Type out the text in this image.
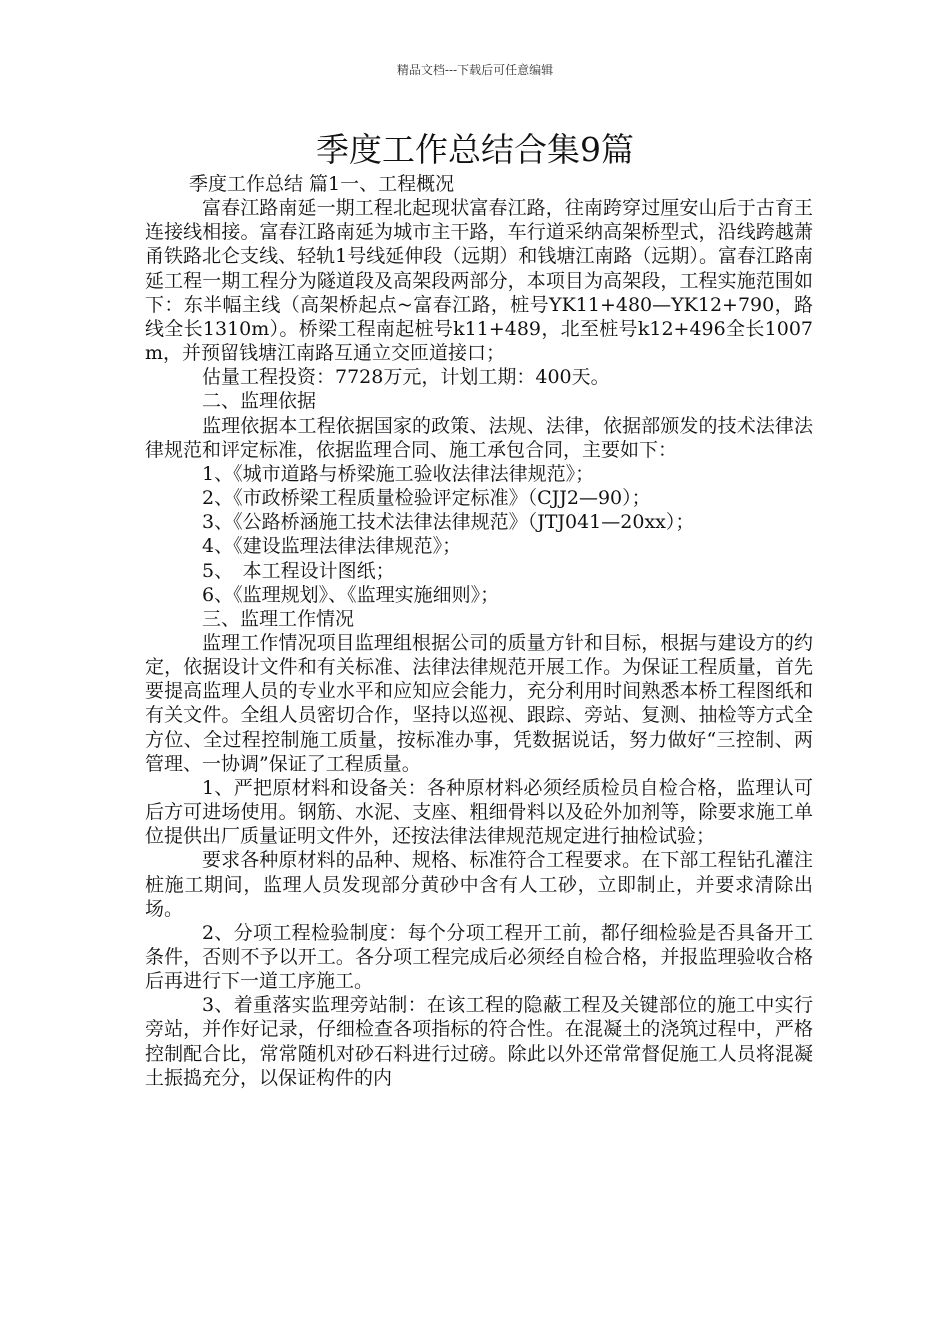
精品文档---下载后可任意编辑
季度工作总结合集9篇

季度工作总结 篇1一、工程概况

富春江路南延一期工程北起现状富春江路，往南跨穿过厘安山后于古育王连接线相接。富春江路南延为城市主干路，车行道采纳高架桥型式，沿线跨越萧甬铁路北仑支线、轻轨1号线延伸段（远期）和钱塘江南路（远期）。富春江路南延工程一期工程分为隧道段及高架段两部分，本项目为高架段，工程实施范围如下：东半幅主线（高架桥起点~富春江路，桩号YK11+480—YK12+790，路线全长1310m）。桥梁工程南起桩号k11+489，北至桩号k12+496全长1007m，并预留钱塘江南路互通立交匝道接口；

估量工程投资：7728万元，计划工期：400天。

二、监理依据

监理依据本工程依据国家的政策、法规、法律，依据部颁发的技术法律法律规范和评定标准，依据监理合同、施工承包合同，主要如下：

1、《城市道路与桥梁施工验收法律法律规范》；

2、《市政桥梁工程质量检验评定标准》（CJJ2—90）；

3、《公路桥涵施工技术法律法律规范》（JTJ041—20xx）；

4、《建设监理法律法律规范》；

5、　本工程设计图纸；

6、《监理规划》、《监理实施细则》；

三、监理工作情况

监理工作情况项目监理组根据公司的质量方针和目标，根据与建设方的约定，依据设计文件和有关标准、法律法律规范开展工作。为保证工程质量，首先要提高监理人员的专业水平和应知应会能力，充分利用时间熟悉本桥工程图纸和有关文件。全组人员密切合作，坚持以巡视、跟踪、旁站、复测、抽检等方式全方位、全过程控制施工质量，按标准办事，凭数据说话，努力做好“三控制、两管理、一协调”保证了工程质量。

1、严把原材料和设备关：各种原材料必须经质检员自检合格，监理认可后方可进场使用。钢筋、水泥、支座、粗细骨料以及砼外加剂等，除要求施工单位提供出厂质量证明文件外，还按法律法律规范规定进行抽检试验；

要求各种原材料的品种、规格、标准符合工程要求。在下部工程钻孔灌注桩施工期间，监理人员发现部分黄砂中含有人工砂，立即制止，并要求清除出场。

2、分项工程检验制度：每个分项工程开工前，都仔细检验是否具备开工条件，否则不予以开工。各分项工程完成后必须经自检合格，并报监理验收合格后再进行下一道工序施工。

3、着重落实监理旁站制：在该工程的隐蔽工程及关键部位的施工中实行旁站，并作好记录，仔细检查各项指标的符合性。在混凝土的浇筑过程中，严格控制配合比，常常随机对砂石料进行过磅。除此以外还常常督促施工人员将混凝土振捣充分，以保证构件的内
